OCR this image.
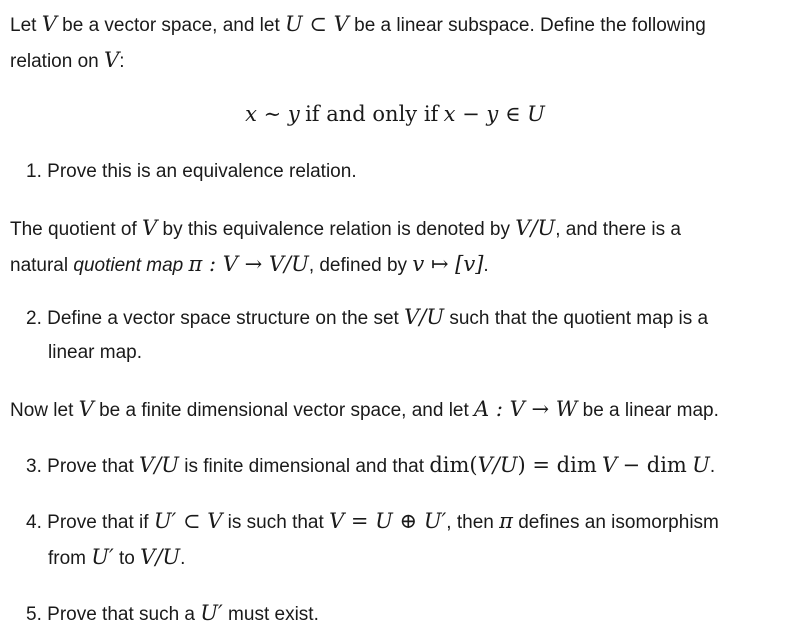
Let V be a vector space, and let U ⊂ V be a linear subspace. Define the following
relation on V:
x ∼ y if and only if x − y ∈ U
1. Prove this is an equivalence relation.
The quotient of V by this equivalence relation is denoted by V/U, and there is a
natural quotient map π : V → V/U, defined by v ↦ [v].
2. Define a vector space structure on the set V/U such that the quotient map is a
linear map.
Now let V be a finite dimensional vector space, and let A : V → W be a linear map.
3. Prove that V/U is finite dimensional and that dim(V/U) = dim V − dim U.
4. Prove that if U′ ⊂ V is such that V = U ⊕ U′, then π defines an isomorphism
from U′ to V/U.
5. Prove that such a U′ must exist.
